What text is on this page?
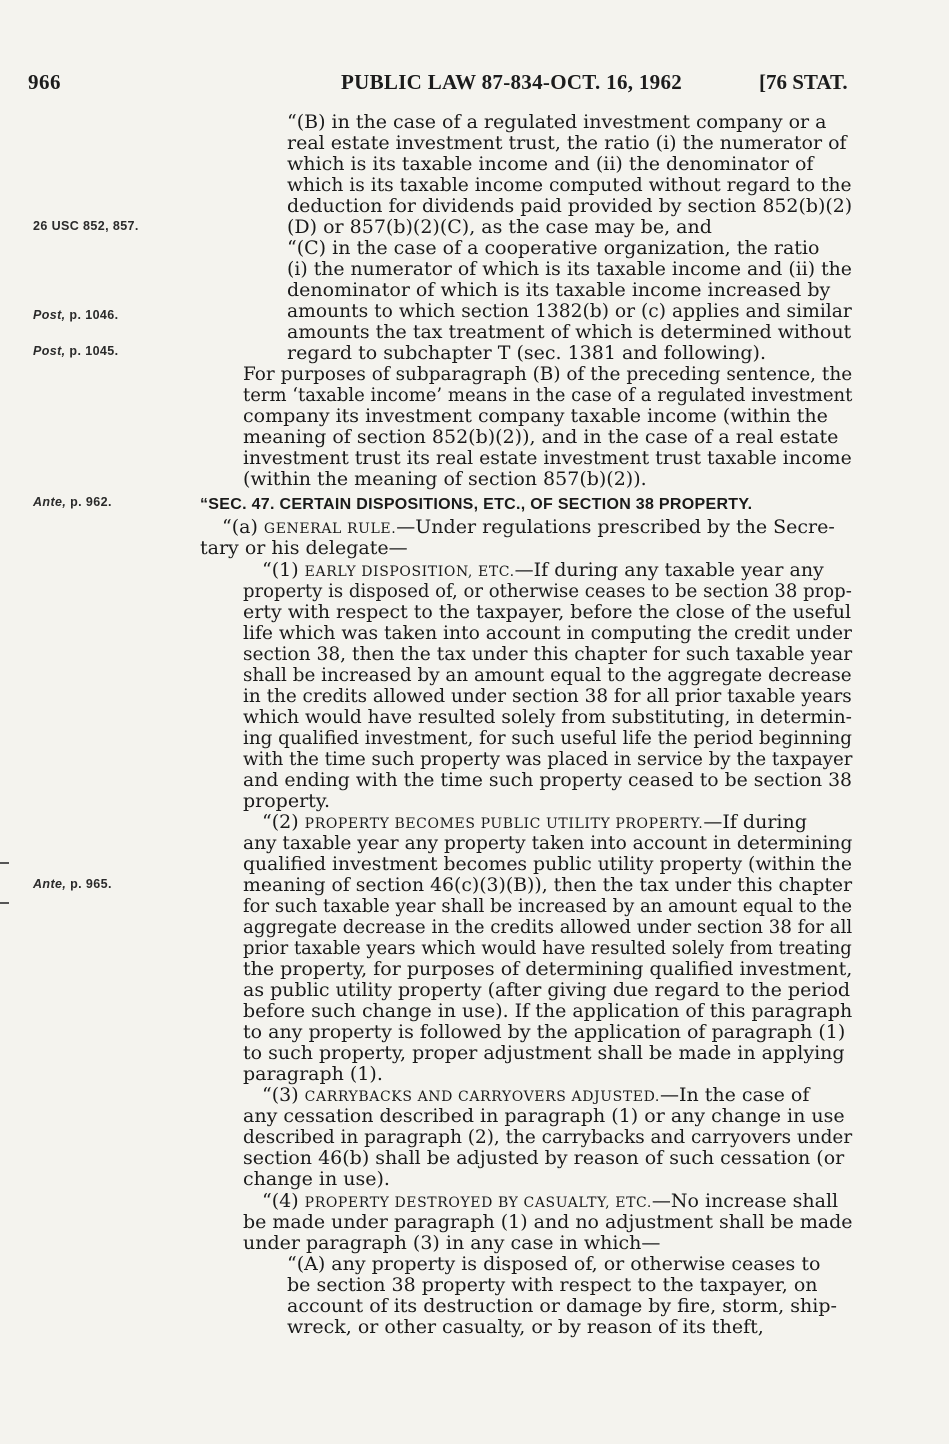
966	PUBLIC LAW 87-834-OCT. 16, 1962	[76 STAT.
26 USC 852, 857.
Post, p. 1046.
Post, p. 1045.
Ante, p. 962.
Ante, p. 965.
“(B) in the case of a regulated investment company or a
real estate investment trust, the ratio (i) the numerator of
which is its taxable income and (ii) the denominator of
which is its taxable income computed without regard to the
deduction for dividends paid provided by section 852(b)(2)
(D) or 857(b)(2)(C), as the case may be, and
“(C) in the case of a cooperative organization, the ratio
(i) the numerator of which is its taxable income and (ii) the
denominator of which is its taxable income increased by
amounts to which section 1382(b) or (c) applies and similar
amounts the tax treatment of which is determined without
regard to subchapter T (sec. 1381 and following).
For purposes of subparagraph (B) of the preceding sentence, the
term ‘taxable income’ means in the case of a regulated investment
company its investment company taxable income (within the
meaning of section 852(b)(2)), and in the case of a real estate
investment trust its real estate investment trust taxable income
(within the meaning of section 857(b)(2)).
“SEC. 47. CERTAIN DISPOSITIONS, ETC., OF SECTION 38 PROPERTY.
“(a) GENERAL RULE.—Under regulations prescribed by the Secre-
tary or his delegate—
“(1) EARLY DISPOSITION, ETC.—If during any taxable year any
property is disposed of, or otherwise ceases to be section 38 prop-
erty with respect to the taxpayer, before the close of the useful
life which was taken into account in computing the credit under
section 38, then the tax under this chapter for such taxable year
shall be increased by an amount equal to the aggregate decrease
in the credits allowed under section 38 for all prior taxable years
which would have resulted solely from substituting, in determin-
ing qualified investment, for such useful life the period beginning
with the time such property was placed in service by the taxpayer
and ending with the time such property ceased to be section 38
property.
“(2) PROPERTY BECOMES PUBLIC UTILITY PROPERTY.—If during
any taxable year any property taken into account in determining
qualified investment becomes public utility property (within the
meaning of section 46(c)(3)(B)), then the tax under this chapter
for such taxable year shall be increased by an amount equal to the
aggregate decrease in the credits allowed under section 38 for all
prior taxable years which would have resulted solely from treating
the property, for purposes of determining qualified investment,
as public utility property (after giving due regard to the period
before such change in use). If the application of this paragraph
to any property is followed by the application of paragraph (1)
to such property, proper adjustment shall be made in applying
paragraph (1).
“(3) CARRYBACKS AND CARRYOVERS ADJUSTED.—In the case of
any cessation described in paragraph (1) or any change in use
described in paragraph (2), the carrybacks and carryovers under
section 46(b) shall be adjusted by reason of such cessation (or
change in use).
“(4) PROPERTY DESTROYED BY CASUALTY, ETC.—No increase shall
be made under paragraph (1) and no adjustment shall be made
under paragraph (3) in any case in which—
“(A) any property is disposed of, or otherwise ceases to
be section 38 property with respect to the taxpayer, on
account of its destruction or damage by fire, storm, ship-
wreck, or other casualty, or by reason of its theft,
